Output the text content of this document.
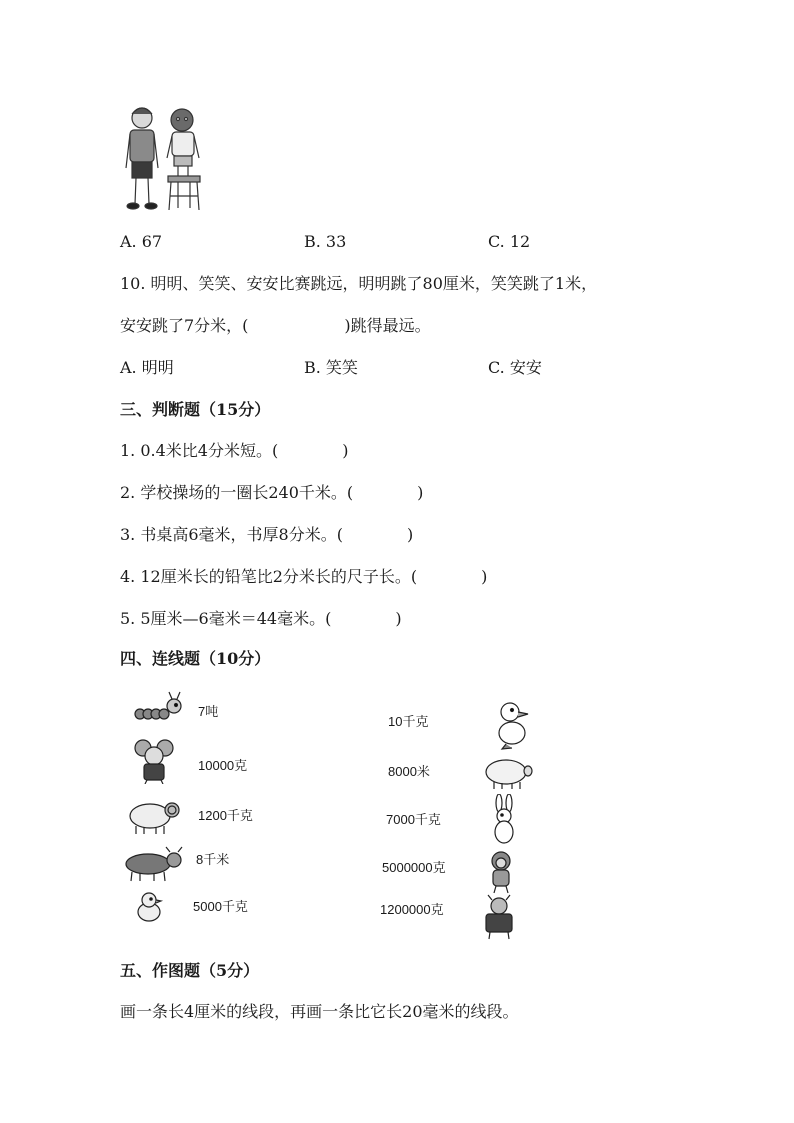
A. 67	B. 33	C. 12
10. 明明、笑笑、安安比赛跳远，明明跳了80厘米，笑笑跳了1米，
安安跳了7分米，(　　　　　　)跳得最远。
A. 明明	B. 笑笑	C. 安安
三、判断题（15分）
1. 0.4米比4分米短。(　　　　)
2. 学校操场的一圈长240千米。(　　　　)
3. 书桌高6毫米，书厚8分米。(　　　　)
4. 12厘米长的铅笔比2分米长的尺子长。(　　　　)
5. 5厘米—6毫米＝44毫米。(　　　　)
四、连线题（10分）
7吨
10000克
1200千克
8千米
5000千克
10千克
8000米
7000千克
5000000克
1200000克
五、作图题（5分）
画一条长4厘米的线段，再画一条比它长20毫米的线段。
